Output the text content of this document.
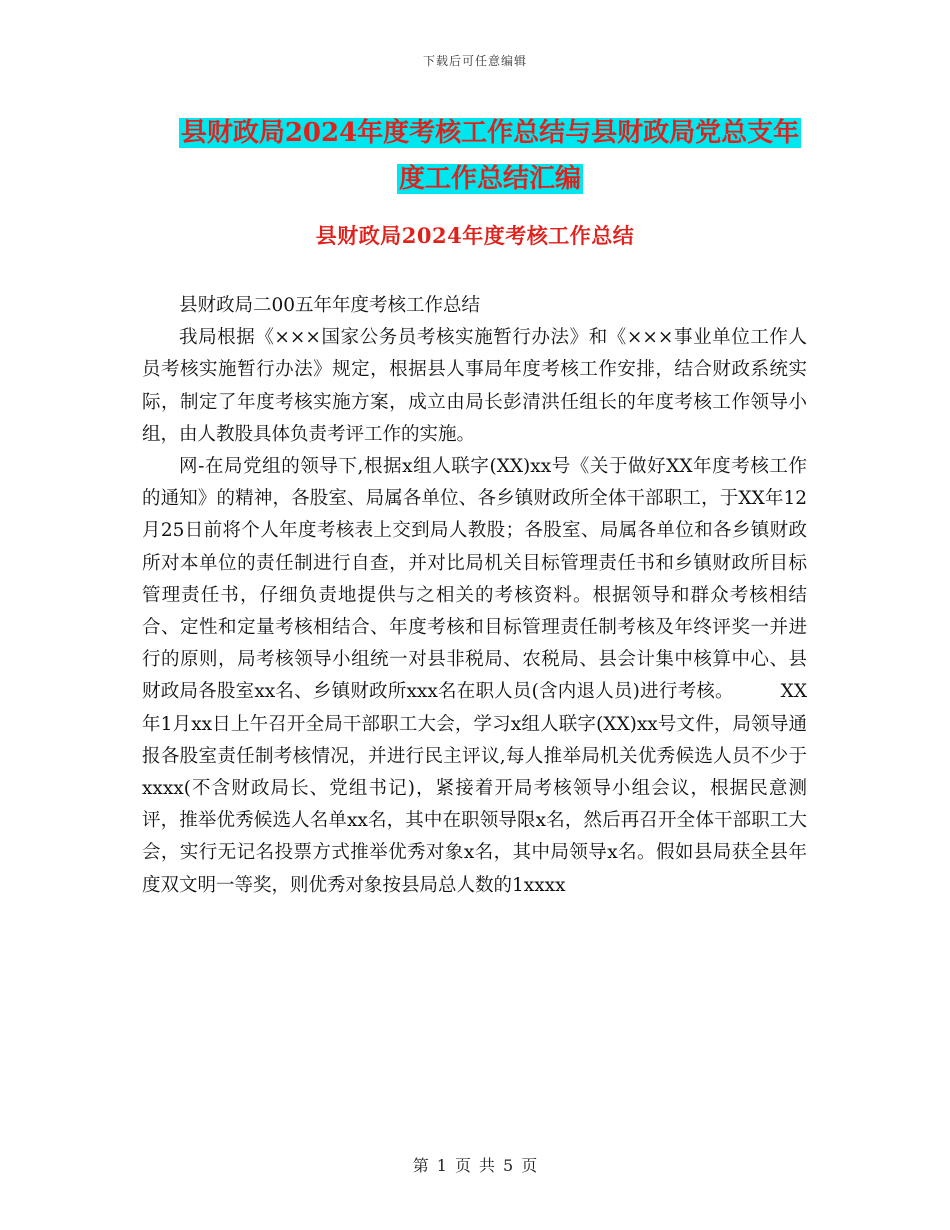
下载后可任意编辑
县财政局2024年度考核工作总结与县财政局党总支年
度工作总结汇编
县财政局2024年度考核工作总结

县财政局二00五年年度考核工作总结

我局根据《×××国家公务员考核实施暂行办法》和《×××事业单位工作人员考核实施暂行办法》规定，根据县人事局年度考核工作安排，结合财政系统实际，制定了年度考核实施方案，成立由局长彭清洪任组长的年度考核工作领导小组，由人教股具体负责考评工作的实施。

网-在局党组的领导下,根据x组人联字(XX)xx号《关于做好XX年度考核工作的通知》的精神，各股室、局属各单位、各乡镇财政所全体干部职工，于XX年12月25日前将个人年度考核表上交到局人教股；各股室、局属各单位和各乡镇财政所对本单位的责任制进行自查，并对比局机关目标管理责任书和乡镇财政所目标管理责任书，仔细负责地提供与之相关的考核资料。根据领导和群众考核相结合、定性和定量考核相结合、年度考核和目标管理责任制考核及年终评奖一并进行的原则，局考核领导小组统一对县非税局、农税局、县会计集中核算中心、县财政局各股室xx名、乡镇财政所xxx名在职人员(含内退人员)进行考核。　　　XX年1月xx日上午召开全局干部职工大会，学习x组人联字(XX)xx号文件，局领导通报各股室责任制考核情况，并进行民主评议,每人推举局机关优秀候选人员不少于xxxx(不含财政局长、党组书记)，紧接着开局考核领导小组会议，根据民意测评，推举优秀候选人名单xx名，其中在职领导限x名，然后再召开全体干部职工大会，实行无记名投票方式推举优秀对象x名，其中局领导x名。假如县局获全县年度双文明一等奖，则优秀对象按县局总人数的1xxxx

第 1 页 共 5 页
